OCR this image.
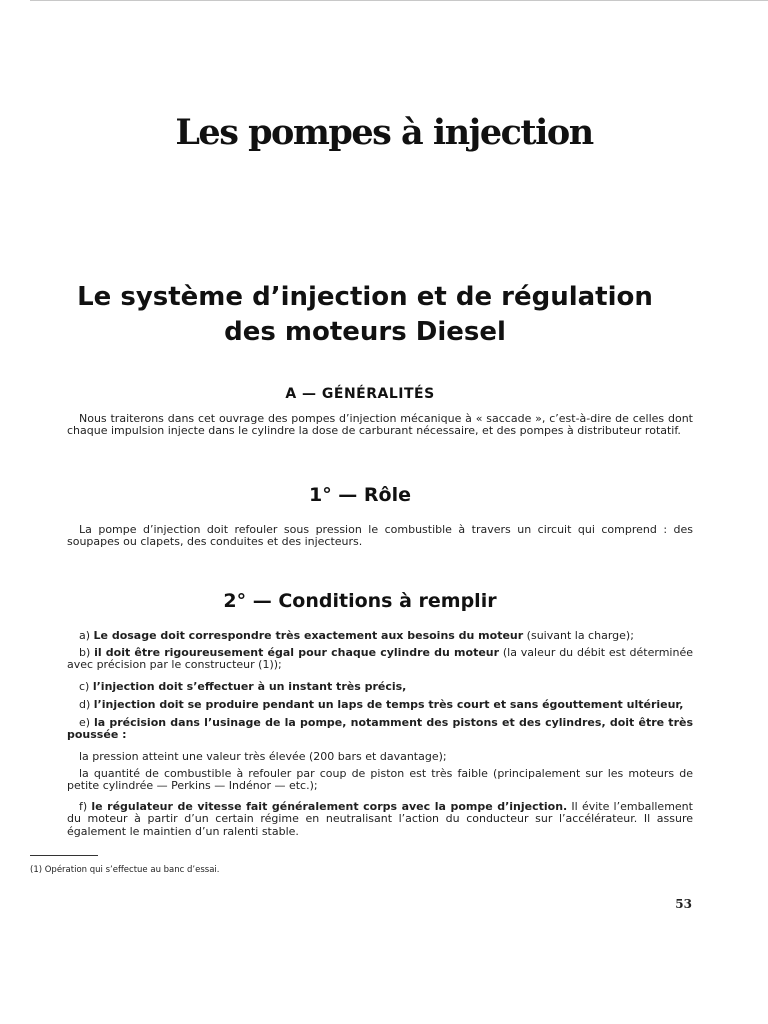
Les pompes à injection
Le système d’injection et de régulation
des moteurs Diesel
A — GÉNÉRALITÉS

Nous traiterons dans cet ouvrage des pompes d’injection mécanique à « saccade », c’est-à-dire de celles dont chaque impulsion injecte dans le cylindre la dose de carburant nécessaire, et des pompes à distributeur rotatif.

1° — Rôle

La pompe d’injection doit refouler sous pression le combustible à travers un circuit qui comprend : des soupapes ou clapets, des conduites et des injecteurs.

2° — Conditions à remplir

a) Le dosage doit correspondre très exactement aux besoins du moteur (suivant la charge);

b) il doit être rigoureusement égal pour chaque cylindre du moteur (la valeur du débit est déterminée avec précision par le constructeur (1));

c) l’injection doit s’effectuer à un instant très précis,

d) l’injection doit se produire pendant un laps de temps très court et sans égouttement ultérieur,

e) la précision dans l’usinage de la pompe, notamment des pistons et des cylindres, doit être très poussée :

la pression atteint une valeur très élevée (200 bars et davantage);

la quantité de combustible à refouler par coup de piston est très faible (principalement sur les moteurs de petite cylindrée — Perkins — Indénor — etc.);

f) le régulateur de vitesse fait généralement corps avec la pompe d’injection. Il évite l’emballement du moteur à partir d’un certain régime en neutralisant l’action du conducteur sur l’accélérateur. Il assure également le maintien d’un ralenti stable.

(1) Opération qui s’effectue au banc d’essai.

53
